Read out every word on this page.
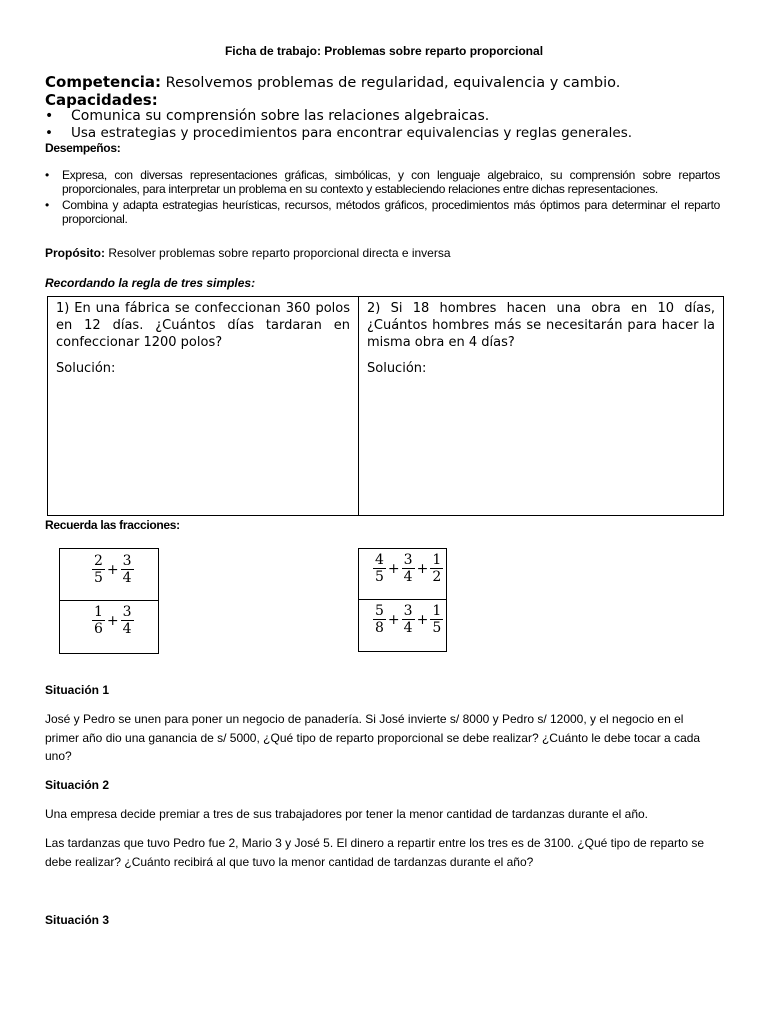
Ficha de trabajo: Problemas sobre reparto proporcional
Competencia: Resolvemos problemas de regularidad, equivalencia y cambio.
Capacidades:
• Comunica su comprensión sobre las relaciones algebraicas.
• Usa estrategias y procedimientos para encontrar equivalencias y reglas generales.
Desempeños:
• Expresa, con diversas representaciones gráficas, simbólicas, y con lenguaje algebraico, su comprensión sobre repartos proporcionales, para interpretar un problema en su contexto y estableciendo relaciones entre dichas representaciones.
• Combina y adapta estrategias heurísticas, recursos, métodos gráficos, procedimientos más óptimos para determinar el reparto proporcional.
Propósito: Resolver problemas sobre reparto proporcional directa e inversa
Recordando la regla de tres simples:
1) En una fábrica se confeccionan 360 polos en 12 días. ¿Cuántos días tardaran en confeccionar 1200 polos?
Solución:
2) Si 18 hombres hacen una obra en 10 días, ¿Cuántos hombres más se necesitarán para hacer la misma obra en 4 días?
Solución:
Recuerda las fracciones:
$\frac{2}{5} + \frac{3}{4}$
$\frac{1}{6} + \frac{3}{4}$
$\frac{4}{5} + \frac{3}{4} + \frac{1}{2}$
$\frac{5}{8} + \frac{3}{4} + \frac{1}{5}$
Situación 1
José y Pedro se unen para poner un negocio de panadería. Si José invierte s/ 8000 y Pedro s/ 12000, y el negocio en el primer año dio una ganancia de s/ 5000, ¿Qué tipo de reparto proporcional se debe realizar? ¿Cuánto le debe tocar a cada uno?
Situación 2
Una empresa decide premiar a tres de sus trabajadores por tener la menor cantidad de tardanzas durante el año.
Las tardanzas que tuvo Pedro fue 2, Mario 3 y José 5. El dinero a repartir entre los tres es de 3100. ¿Qué tipo de reparto se debe realizar? ¿Cuánto recibirá al que tuvo la menor cantidad de tardanzas durante el año?
Situación 3
